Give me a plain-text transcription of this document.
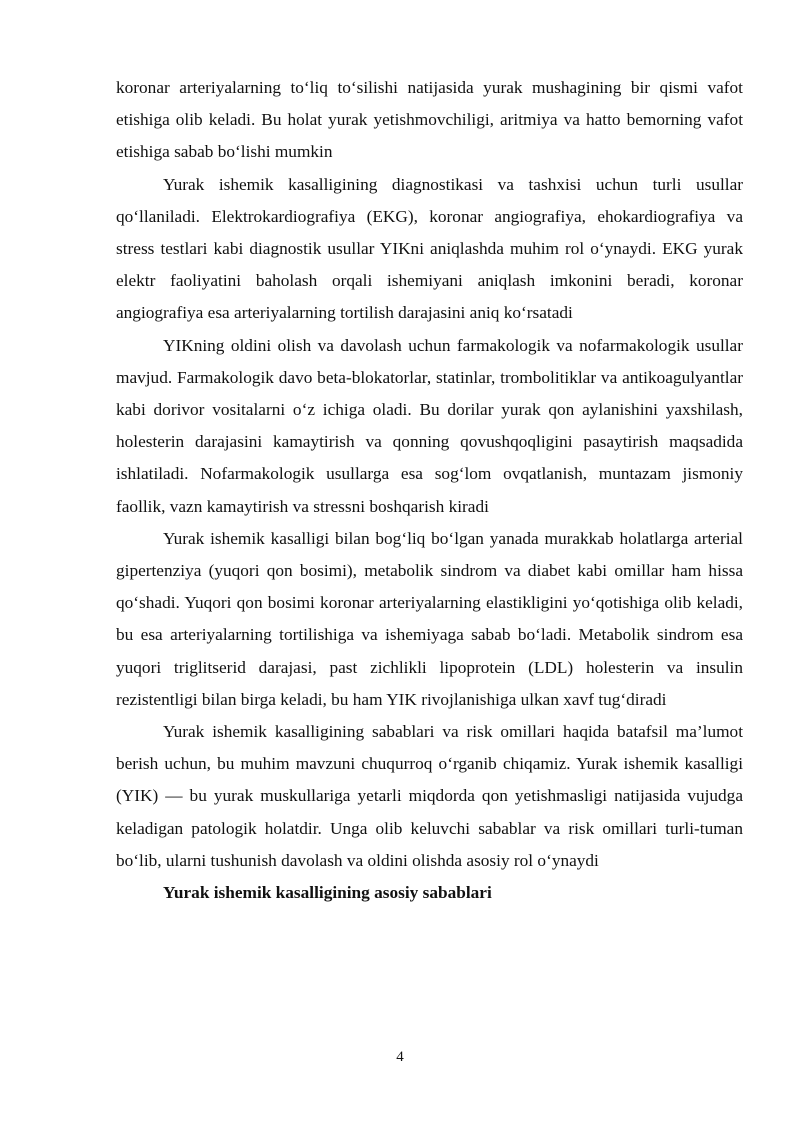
koronar arteriyalarning to‘liq to‘silishi natijasida yurak mushagining bir qismi vafot etishiga olib keladi. Bu holat yurak yetishmovchiligi, aritmiya va hatto bemorning vafot etishiga sabab bo‘lishi mumkin

Yurak ishemik kasalligining diagnostikasi va tashxisi uchun turli usullar qo‘llaniladi. Elektrokardiografiya (EKG), koronar angiografiya, ehokardiografiya va stress testlari kabi diagnostik usullar YIKni aniqlashda muhim rol o‘ynaydi. EKG yurak elektr faoliyatini baholash orqali ishemiyani aniqlash imkonini beradi, koronar angiografiya esa arteriyalarning tortilish darajasini aniq ko‘rsatadi

YIKning oldini olish va davolash uchun farmakologik va nofarmakologik usullar mavjud. Farmakologik davo beta-blokatorlar, statinlar, trombolitiklar va antikoagulyantlar kabi dorivor vositalarni o‘z ichiga oladi. Bu dorilar yurak qon aylanishini yaxshilash, holesterin darajasini kamaytirish va qonning qovushqoqligini pasaytirish maqsadida ishlatiladi. Nofarmakologik usullarga esa sog‘lom ovqatlanish, muntazam jismoniy faollik, vazn kamaytirish va stressni boshqarish kiradi

Yurak ishemik kasalligi bilan bog‘liq bo‘lgan yanada murakkab holatlarga arterial gipertenziya (yuqori qon bosimi), metabolik sindrom va diabet kabi omillar ham hissa qo‘shadi. Yuqori qon bosimi koronar arteriyalarning elastikligini yo‘qotishiga olib keladi, bu esa arteriyalarning tortilishiga va ishemiyaga sabab bo‘ladi. Metabolik sindrom esa yuqori triglitserid darajasi, past zichlikli lipoprotein (LDL) holesterin va insulin rezistentligi bilan birga keladi, bu ham YIK rivojlanishiga ulkan xavf tug‘diradi

Yurak ishemik kasalligining sabablari va risk omillari haqida batafsil ma’lumot berish uchun, bu muhim mavzuni chuqurroq o‘rganib chiqamiz. Yurak ishemik kasalligi (YIK) — bu yurak muskullariga yetarli miqdorda qon yetishmasligi natijasida vujudga keladigan patologik holatdir. Unga olib keluvchi sabablar va risk omillari turli-tuman bo‘lib, ularni tushunish davolash va oldini olishda asosiy rol o‘ynaydi

Yurak ishemik kasalligining asosiy sabablari

4
